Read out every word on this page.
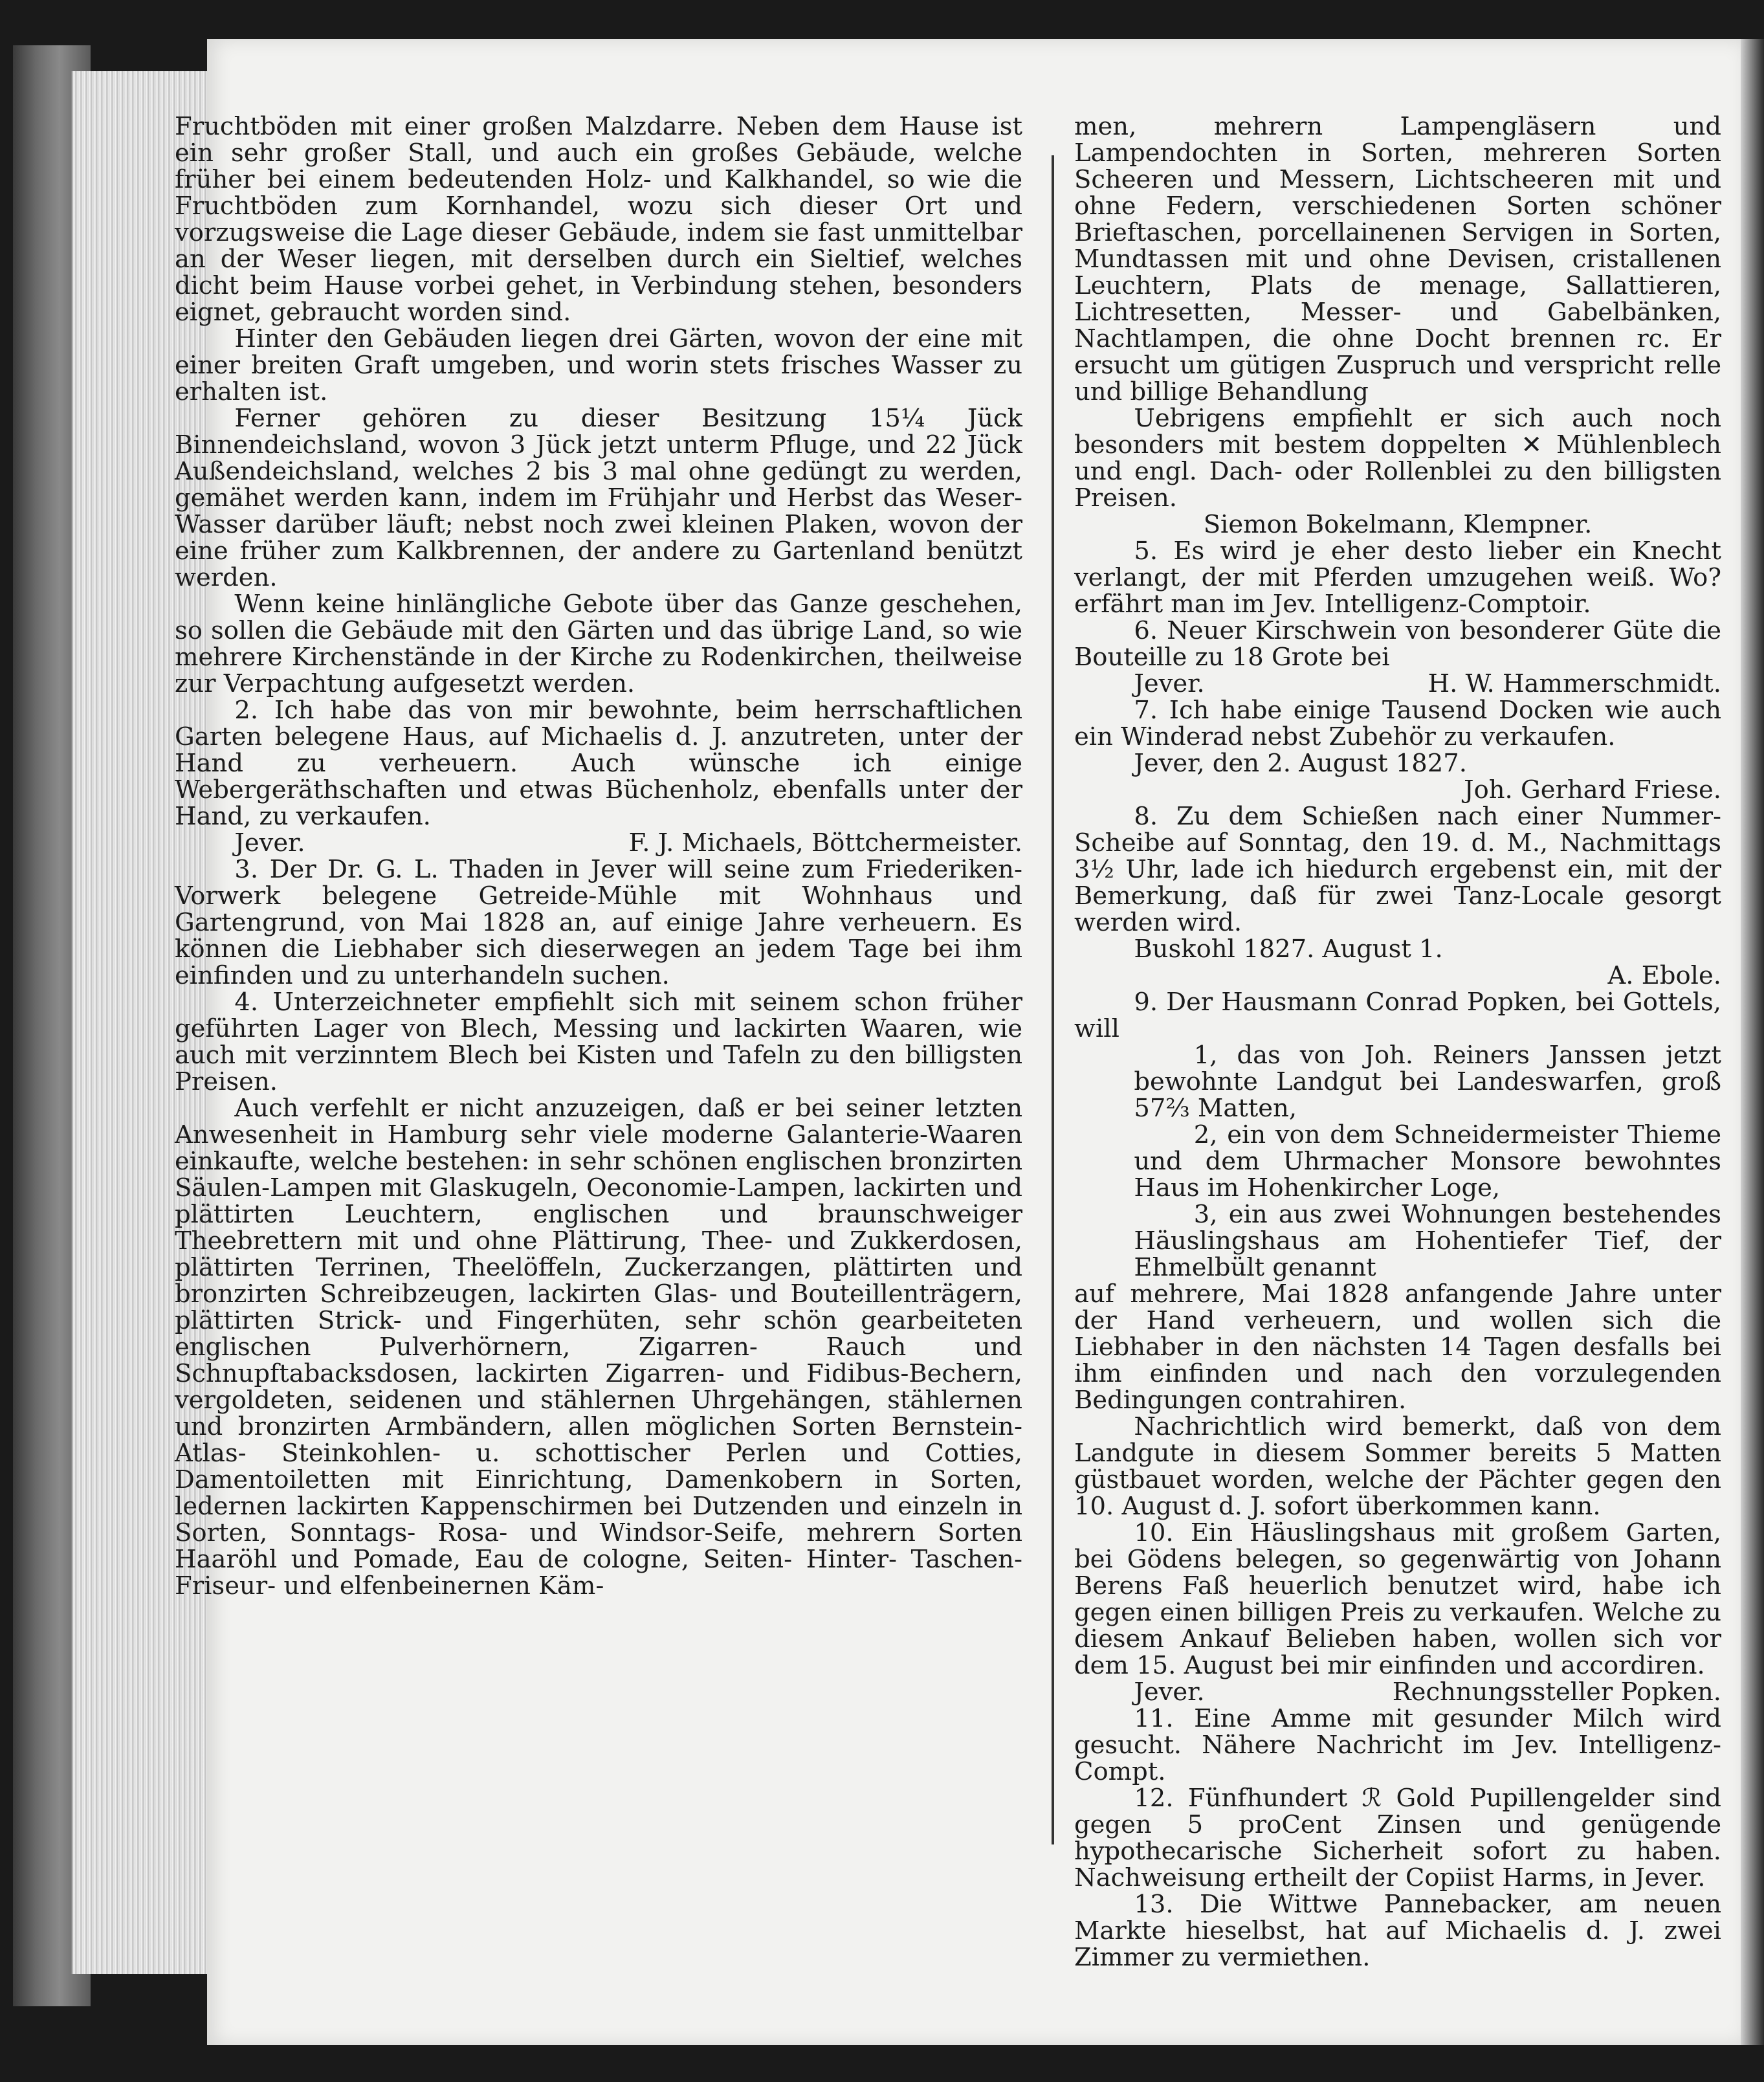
Fruchtböden mit einer großen Malzdarre. Neben dem Hause ist ein sehr großer Stall, und auch ein großes Gebäude, welche früher bei einem bedeutenden Holz- und Kalkhandel, so wie die Fruchtböden zum Kornhandel, wozu sich dieser Ort und vorzugsweise die Lage dieser Gebäude, indem sie fast unmittelbar an der Weser liegen, mit derselben durch ein Sieltief, welches dicht beim Hause vorbei gehet, in Verbindung stehen, besonders eignet, gebraucht worden sind.

Hinter den Gebäuden liegen drei Gärten, wovon der eine mit einer breiten Graft umgeben, und worin stets frisches Wasser zu erhalten ist.

Ferner gehören zu dieser Besitzung 15¼ Jück Binnendeichsland, wovon 3 Jück jetzt unterm Pfluge, und 22 Jück Außendeichsland, welches 2 bis 3 mal ohne gedüngt zu werden, gemähet werden kann, indem im Frühjahr und Herbst das Weser-Wasser darüber läuft; nebst noch zwei kleinen Plaken, wovon der eine früher zum Kalkbrennen, der andere zu Gartenland benützt werden.

Wenn keine hinlängliche Gebote über das Ganze geschehen, so sollen die Gebäude mit den Gärten und das übrige Land, so wie mehrere Kirchenstände in der Kirche zu Rodenkirchen, theilweise zur Verpachtung aufgesetzt werden.

2. Ich habe das von mir bewohnte, beim herrschaftlichen Garten belegene Haus, auf Michaelis d. J. anzutreten, unter der Hand zu verheuern. Auch wünsche ich einige Webergeräthschaften und etwas Büchenholz, ebenfalls unter der Hand, zu verkaufen.

Jever.	F. J. Michaels, Böttchermeister.

3. Der Dr. G. L. Thaden in Jever will seine zum Friederiken-Vorwerk belegene Getreide-Mühle mit Wohnhaus und Gartengrund, von Mai 1828 an, auf einige Jahre verheuern. Es können die Liebhaber sich dieserwegen an jedem Tage bei ihm einfinden und zu unterhandeln suchen.

4. Unterzeichneter empfiehlt sich mit seinem schon früher geführten Lager von Blech, Messing und lackirten Waaren, wie auch mit verzinntem Blech bei Kisten und Tafeln zu den billigsten Preisen.

Auch verfehlt er nicht anzuzeigen, daß er bei seiner letzten Anwesenheit in Hamburg sehr viele moderne Galanterie-Waaren einkaufte, welche bestehen: in sehr schönen englischen bronzirten Säulen-Lampen mit Glaskugeln, Oeconomie-Lampen, lackirten und plättirten Leuchtern, englischen und braunschweiger Theebrettern mit und ohne Plättirung, Thee- und Zukkerdosen, plättirten Terrinen, Theelöffeln, Zuckerzangen, plättirten und bronzirten Schreibzeugen, lackirten Glas- und Bouteillenträgern, plättirten Strick- und Fingerhüten, sehr schön gearbeiteten englischen Pulverhörnern, Zigarren- Rauch und Schnupftabacksdosen, lackirten Zigarren- und Fidibus-Bechern, vergoldeten, seidenen und stählernen Uhrgehängen, stählernen und bronzirten Armbändern, allen möglichen Sorten Bernstein- Atlas- Steinkohlen- u. schottischer Perlen und Cotties, Damentoiletten mit Einrichtung, Damenkobern in Sorten, ledernen lackirten Kappenschirmen bei Dutzenden und einzeln in Sorten, Sonntags- Rosa- und Windsor-Seife, mehrern Sorten Haaröhl und Pomade, Eau de cologne, Seiten- Hinter- Taschen- Friseur- und elfenbeinernen Käm-

men, mehrern Lampengläsern und Lampendochten in Sorten, mehreren Sorten Scheeren und Messern, Lichtscheeren mit und ohne Federn, verschiedenen Sorten schöner Brieftaschen, porcellainenen Servigen in Sorten, Mundtassen mit und ohne Devisen, cristallenen Leuchtern, Plats de menage, Sallattieren, Lichtresetten, Messer- und Gabelbänken, Nachtlampen, die ohne Docht brennen rc. Er ersucht um gütigen Zuspruch und verspricht relle und billige Behandlung

Uebrigens empfiehlt er sich auch noch besonders mit bestem doppelten ✕ Mühlenblech und engl. Dach- oder Rollenblei zu den billigsten Preisen.

Siemon Bokelmann, Klempner.

5. Es wird je eher desto lieber ein Knecht verlangt, der mit Pferden umzugehen weiß. Wo? erfährt man im Jev. Intelligenz-Comptoir.

6. Neuer Kirschwein von besonderer Güte die Bouteille zu 18 Grote bei

Jever.	H. W. Hammerschmidt.

7. Ich habe einige Tausend Docken wie auch ein Winderad nebst Zubehör zu verkaufen.

Jever, den 2. August 1827.

Joh. Gerhard Friese.

8. Zu dem Schießen nach einer Nummer-Scheibe auf Sonntag, den 19. d. M., Nachmittags 3½ Uhr, lade ich hiedurch ergebenst ein, mit der Bemerkung, daß für zwei Tanz-Locale gesorgt werden wird.

Buskohl 1827. August 1.

A. Ebole.

9. Der Hausmann Conrad Popken, bei Gottels, will

1, das von Joh. Reiners Janssen jetzt bewohnte Landgut bei Landeswarfen, groß 57⅔ Matten,

2, ein von dem Schneidermeister Thieme und dem Uhrmacher Monsore bewohntes Haus im Hohenkircher Loge,

3, ein aus zwei Wohnungen bestehendes Häuslingshaus am Hohentiefer Tief, der Ehmelbült genannt

auf mehrere, Mai 1828 anfangende Jahre unter der Hand verheuern, und wollen sich die Liebhaber in den nächsten 14 Tagen desfalls bei ihm einfinden und nach den vorzulegenden Bedingungen contrahiren.

Nachrichtlich wird bemerkt, daß von dem Landgute in diesem Sommer bereits 5 Matten güstbauet worden, welche der Pächter gegen den 10. August d. J. sofort überkommen kann.

10. Ein Häuslingshaus mit großem Garten, bei Gödens belegen, so gegenwärtig von Johann Berens Faß heuerlich benutzet wird, habe ich gegen einen billigen Preis zu verkaufen. Welche zu diesem Ankauf Belieben haben, wollen sich vor dem 15. August bei mir einfinden und accordiren.

Jever.	Rechnungssteller Popken.

11. Eine Amme mit gesunder Milch wird gesucht. Nähere Nachricht im Jev. Intelligenz-Compt.

12. Fünfhundert ℛ Gold Pupillengelder sind gegen 5 proCent Zinsen und genügende hypothecarische Sicherheit sofort zu haben. Nachweisung ertheilt der Copiist Harms, in Jever.

13. Die Wittwe Pannebacker, am neuen Markte hieselbst, hat auf Michaelis d. J. zwei Zimmer zu vermiethen.
